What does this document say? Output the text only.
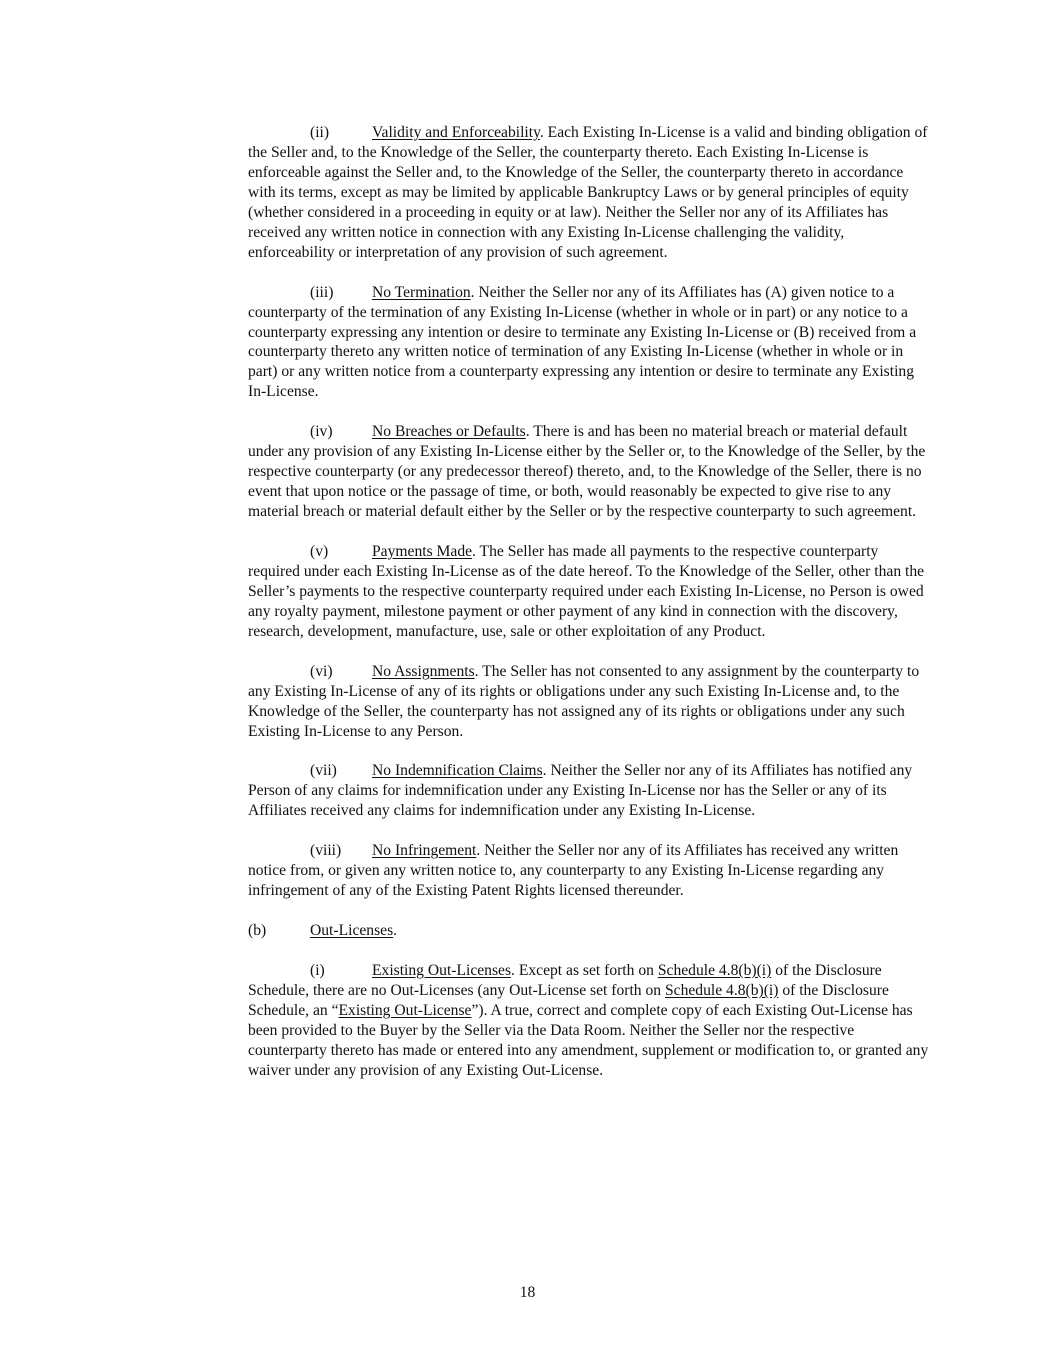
(ii)	Validity and Enforceability. Each Existing In-License is a valid and binding obligation of the Seller and, to the Knowledge of the Seller, the counterparty thereto. Each Existing In-License is enforceable against the Seller and, to the Knowledge of the Seller, the counterparty thereto in accordance with its terms, except as may be limited by applicable Bankruptcy Laws or by general principles of equity (whether considered in a proceeding in equity or at law). Neither the Seller nor any of its Affiliates has received any written notice in connection with any Existing In-License challenging the validity, enforceability or interpretation of any provision of such agreement.

(iii) No Termination. Neither the Seller nor any of its Affiliates has (A) given notice to a counterparty of the termination of any Existing In-License (whether in whole or in part) or any notice to a counterparty expressing any intention or desire to terminate any Existing In-License or (B) received from a counterparty thereto any written notice of termination of any Existing In-License (whether in whole or in part) or any written notice from a counterparty expressing any intention or desire to terminate any Existing In-License.

(iv)	No Breaches or Defaults. There is and has been no material breach or material default under any provision of any Existing In-License either by the Seller or, to the Knowledge of the Seller, by the respective counterparty (or any predecessor thereof) thereto, and, to the Knowledge of the Seller, there is no event that upon notice or the passage of time, or both, would reasonably be expected to give rise to any material breach or material default either by the Seller or by the respective counterparty to such agreement.

(v)	Payments Made. The Seller has made all payments to the respective counterparty required under each Existing In-License as of the date hereof. To the Knowledge of the Seller, other than the Seller’s payments to the respective counterparty required under each Existing In-License, no Person is owed any royalty payment, milestone payment or other payment of any kind in connection with the discovery, research, development, manufacture, use, sale or other exploitation of any Product.

(vi)	No Assignments. The Seller has not consented to any assignment by the counterparty to any Existing In-License of any of its rights or obligations under any such Existing In-License and, to the Knowledge of the Seller, the counterparty has not assigned any of its rights or obligations under any such Existing In-License to any Person.

(vii) No Indemnification Claims. Neither the Seller nor any of its Affiliates has notified any Person of any claims for indemnification under any Existing In-License nor has the Seller or any of its Affiliates received any claims for indemnification under any Existing In-License.

(viii) No Infringement. Neither the Seller nor any of its Affiliates has received any written notice from, or given any written notice to, any counterparty to any Existing In-License regarding any infringement of any of the Existing Patent Rights licensed thereunder.

(b)	Out-Licenses.

(i)	Existing Out-Licenses. Except as set forth on Schedule 4.8(b)(i) of the Disclosure Schedule, there are no Out-Licenses (any Out-License set forth on Schedule 4.8(b)(i) of the Disclosure Schedule, an “Existing Out-License”). A true, correct and complete copy of each Existing Out-License has been provided to the Buyer by the Seller via the Data Room. Neither the Seller nor the respective counterparty thereto has made or entered into any amendment, supplement or modification to, or granted any waiver under any provision of any Existing Out-License.

18
